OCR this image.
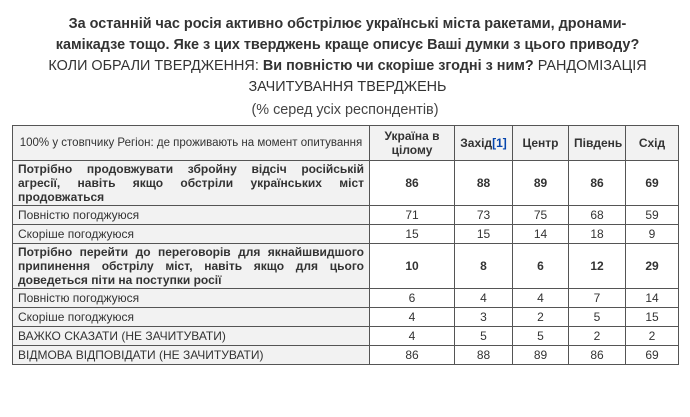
За останній час росія активно обстрілює українські міста ракетами, дронами-камікадзе тощо. Яке з цих тверджень краще описує Ваші думки з цього приводу? КОЛИ ОБРАЛИ ТВЕРДЖЕННЯ: Ви повністю чи скоріше згодні з ним? РАНДОМІЗАЦІЯ ЗАЧИТУВАННЯ ТВЕРДЖЕНЬ
(% серед усіх респондентів)
100% у стовпчику Регіон: де проживають на момент опитування	Україна в цілому	Захід[1]	Центр	Південь	Схід
Потрібно продовжувати збройну відсіч російській агресії, навіть якщо обстріли українських міст продовжаться	86	88	89	86	69
Повністю погоджуюся	71	73	75	68	59
Скоріше погоджуюся	15	15	14	18	9
Потрібно перейти до переговорів для якнайшвидшого припинення обстрілу міст, навіть якщо для цього доведеться піти на поступки росії	10	8	6	12	29
Повністю погоджуюся	6	4	4	7	14
Скоріше погоджуюся	4	3	2	5	15
ВАЖКО СКАЗАТИ (НЕ ЗАЧИТУВАТИ)	4	5	5	2	2
ВІДМОВА ВІДПОВІДАТИ (НЕ ЗАЧИТУВАТИ)	86	88	89	86	69
